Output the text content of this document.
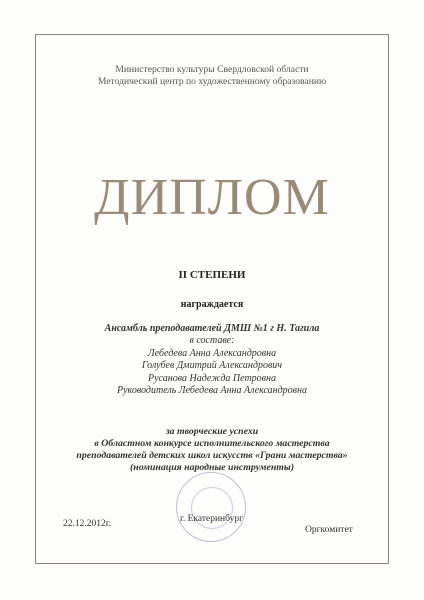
Министерство культуры Свердловской области
Методический центр по художественному образованию
ДИПЛОМ
II СТЕПЕНИ
награждается
Ансамбль преподавателей ДМШ №1 г Н. Тагила
в составе:
Лебедева Анна Александровна
Голубев Дмитрий Александрович
Русанова Надежда Петровна
Руководитель Лебедева Анна Александровна
за творческие успехи
в Областном конкурсе исполнительского мастерства
преподавателей детских школ искусств «Грани мастерства»
(номинация народные инструменты)
22.12.2012г.	г. Екатеринбург
Оргкомитет
